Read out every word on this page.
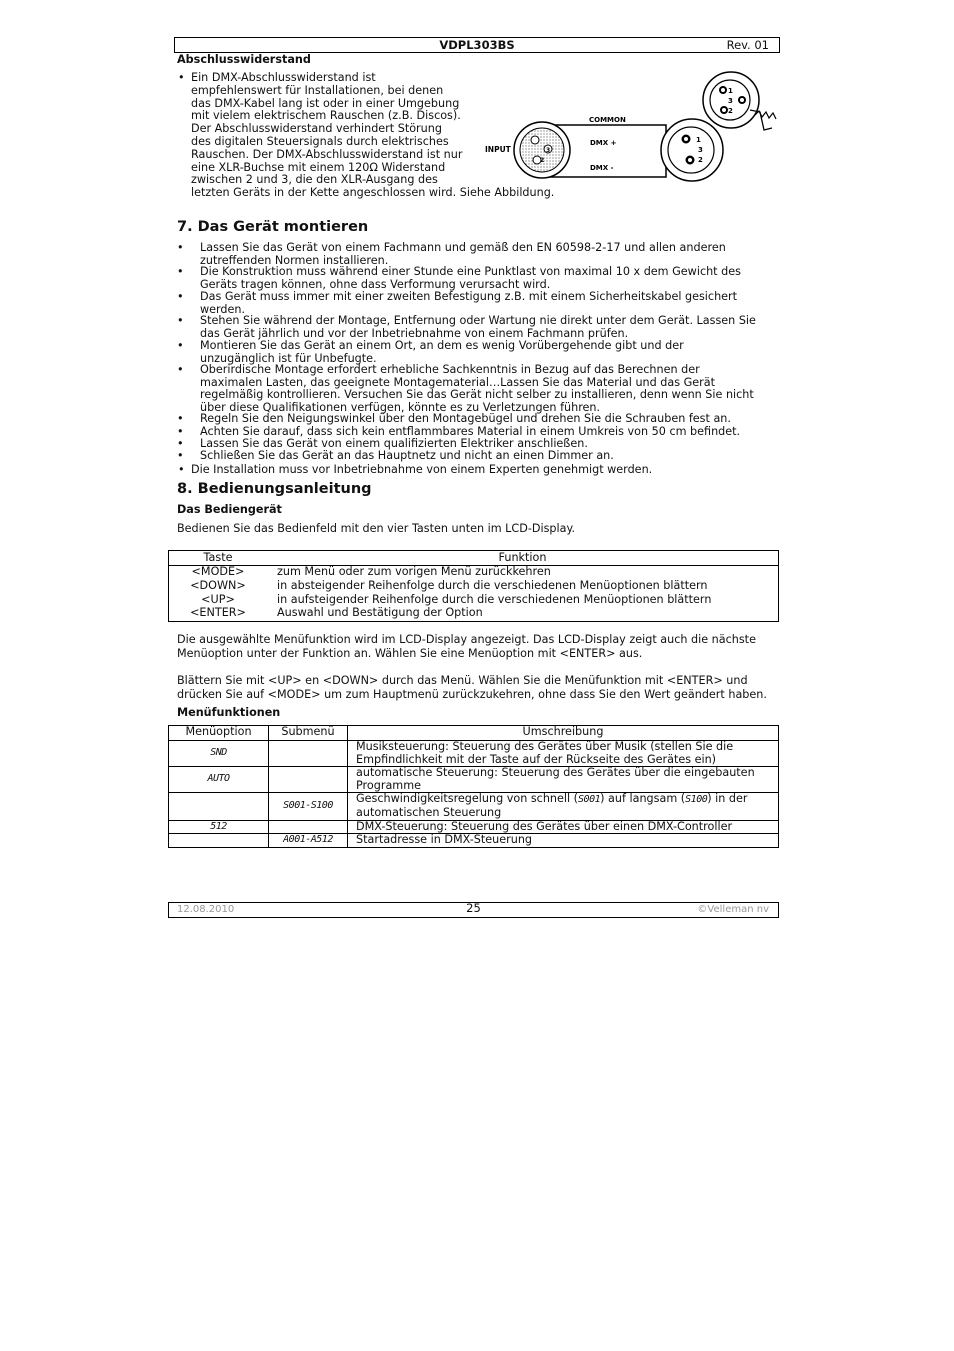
VDPL303BS	Rev. 01
Abschlusswiderstand
• Ein DMX-Abschlusswiderstand ist
empfehlenswert für Installationen, bei denen
das DMX-Kabel lang ist oder in einer Umgebung
mit vielem elektrischem Rauschen (z.B. Discos).
Der Abschlusswiderstand verhindert Störung
des digitalen Steuersignals durch elektrisches
Rauschen. Der DMX-Abschlusswiderstand ist nur
eine XLR-Buchse mit einem 120Ω Widerstand
zwischen 2 und 3, die den XLR-Ausgang des
letzten Geräts in der Kette angeschlossen wird. Siehe Abbildung.
3
2
INPUT
COMMON
DMX +
DMX -
1
3
2
1
3
2
7. Das Gerät montieren
• Lassen Sie das Gerät von einem Fachmann und gemäß den EN 60598-2-17 und allen anderen zutreffenden Normen installieren.
• Die Konstruktion muss während einer Stunde eine Punktlast von maximal 10 x dem Gewicht des Geräts tragen können, ohne dass Verformung verursacht wird.
• Das Gerät muss immer mit einer zweiten Befestigung z.B. mit einem Sicherheitskabel gesichert werden.
• Stehen Sie während der Montage, Entfernung oder Wartung nie direkt unter dem Gerät. Lassen Sie das Gerät jährlich und vor der Inbetriebnahme von einem Fachmann prüfen.
• Montieren Sie das Gerät an einem Ort, an dem es wenig Vorübergehende gibt und der unzugänglich ist für Unbefugte.
• Oberirdische Montage erfordert erhebliche Sachkenntnis in Bezug auf das Berechnen der maximalen Lasten, das geeignete Montagematerial…Lassen Sie das Material und das Gerät regelmäßig kontrollieren. Versuchen Sie das Gerät nicht selber zu installieren, denn wenn Sie nicht über diese Qualifikationen verfügen, könnte es zu Verletzungen führen.
• Regeln Sie den Neigungswinkel über den Montagebügel und drehen Sie die Schrauben fest an.
• Achten Sie darauf, dass sich kein entflammbares Material in einem Umkreis von 50 cm befindet.
• Lassen Sie das Gerät von einem qualifizierten Elektriker anschließen.
• Schließen Sie das Gerät an das Hauptnetz und nicht an einen Dimmer an.
• Die Installation muss vor Inbetriebnahme von einem Experten genehmigt werden.
8. Bedienungsanleitung
Das Bediengerät
Bedienen Sie das Bedienfeld mit den vier Tasten unten im LCD-Display.
Taste	Funktion
<MODE>	zum Menü oder zum vorigen Menü zurückkehren
<DOWN>	in absteigender Reihenfolge durch die verschiedenen Menüoptionen blättern
<UP>	in aufsteigender Reihenfolge durch die verschiedenen Menüoptionen blättern
<ENTER>	Auswahl und Bestätigung der Option
Die ausgewählte Menüfunktion wird im LCD-Display angezeigt. Das LCD-Display zeigt auch die nächste
Menüoption unter der Funktion an. Wählen Sie eine Menüoption mit <ENTER> aus.
Blättern Sie mit <UP> en <DOWN> durch das Menü. Wählen Sie die Menüfunktion mit <ENTER> und
drücken Sie auf <MODE> um zum Hauptmenü zurückzukehren, ohne dass Sie den Wert geändert haben.
Menüfunktionen
Menüoption	Submenü	Umschreibung
SND		Musiksteuerung: Steuerung des Gerätes über Musik (stellen Sie die
Empfindlichkeit mit der Taste auf der Rückseite des Gerätes ein)
AUTO		automatische Steuerung: Steuerung des Gerätes über die eingebauten
Programme
	S001-S100	Geschwindigkeitsregelung von schnell (S001) auf langsam (S100) in der
automatischen Steuerung
512		DMX-Steuerung: Steuerung des Gerätes über einen DMX-Controller
	A001-A512	Startadresse in DMX-Steuerung
12.08.2010	25	©Velleman nv
